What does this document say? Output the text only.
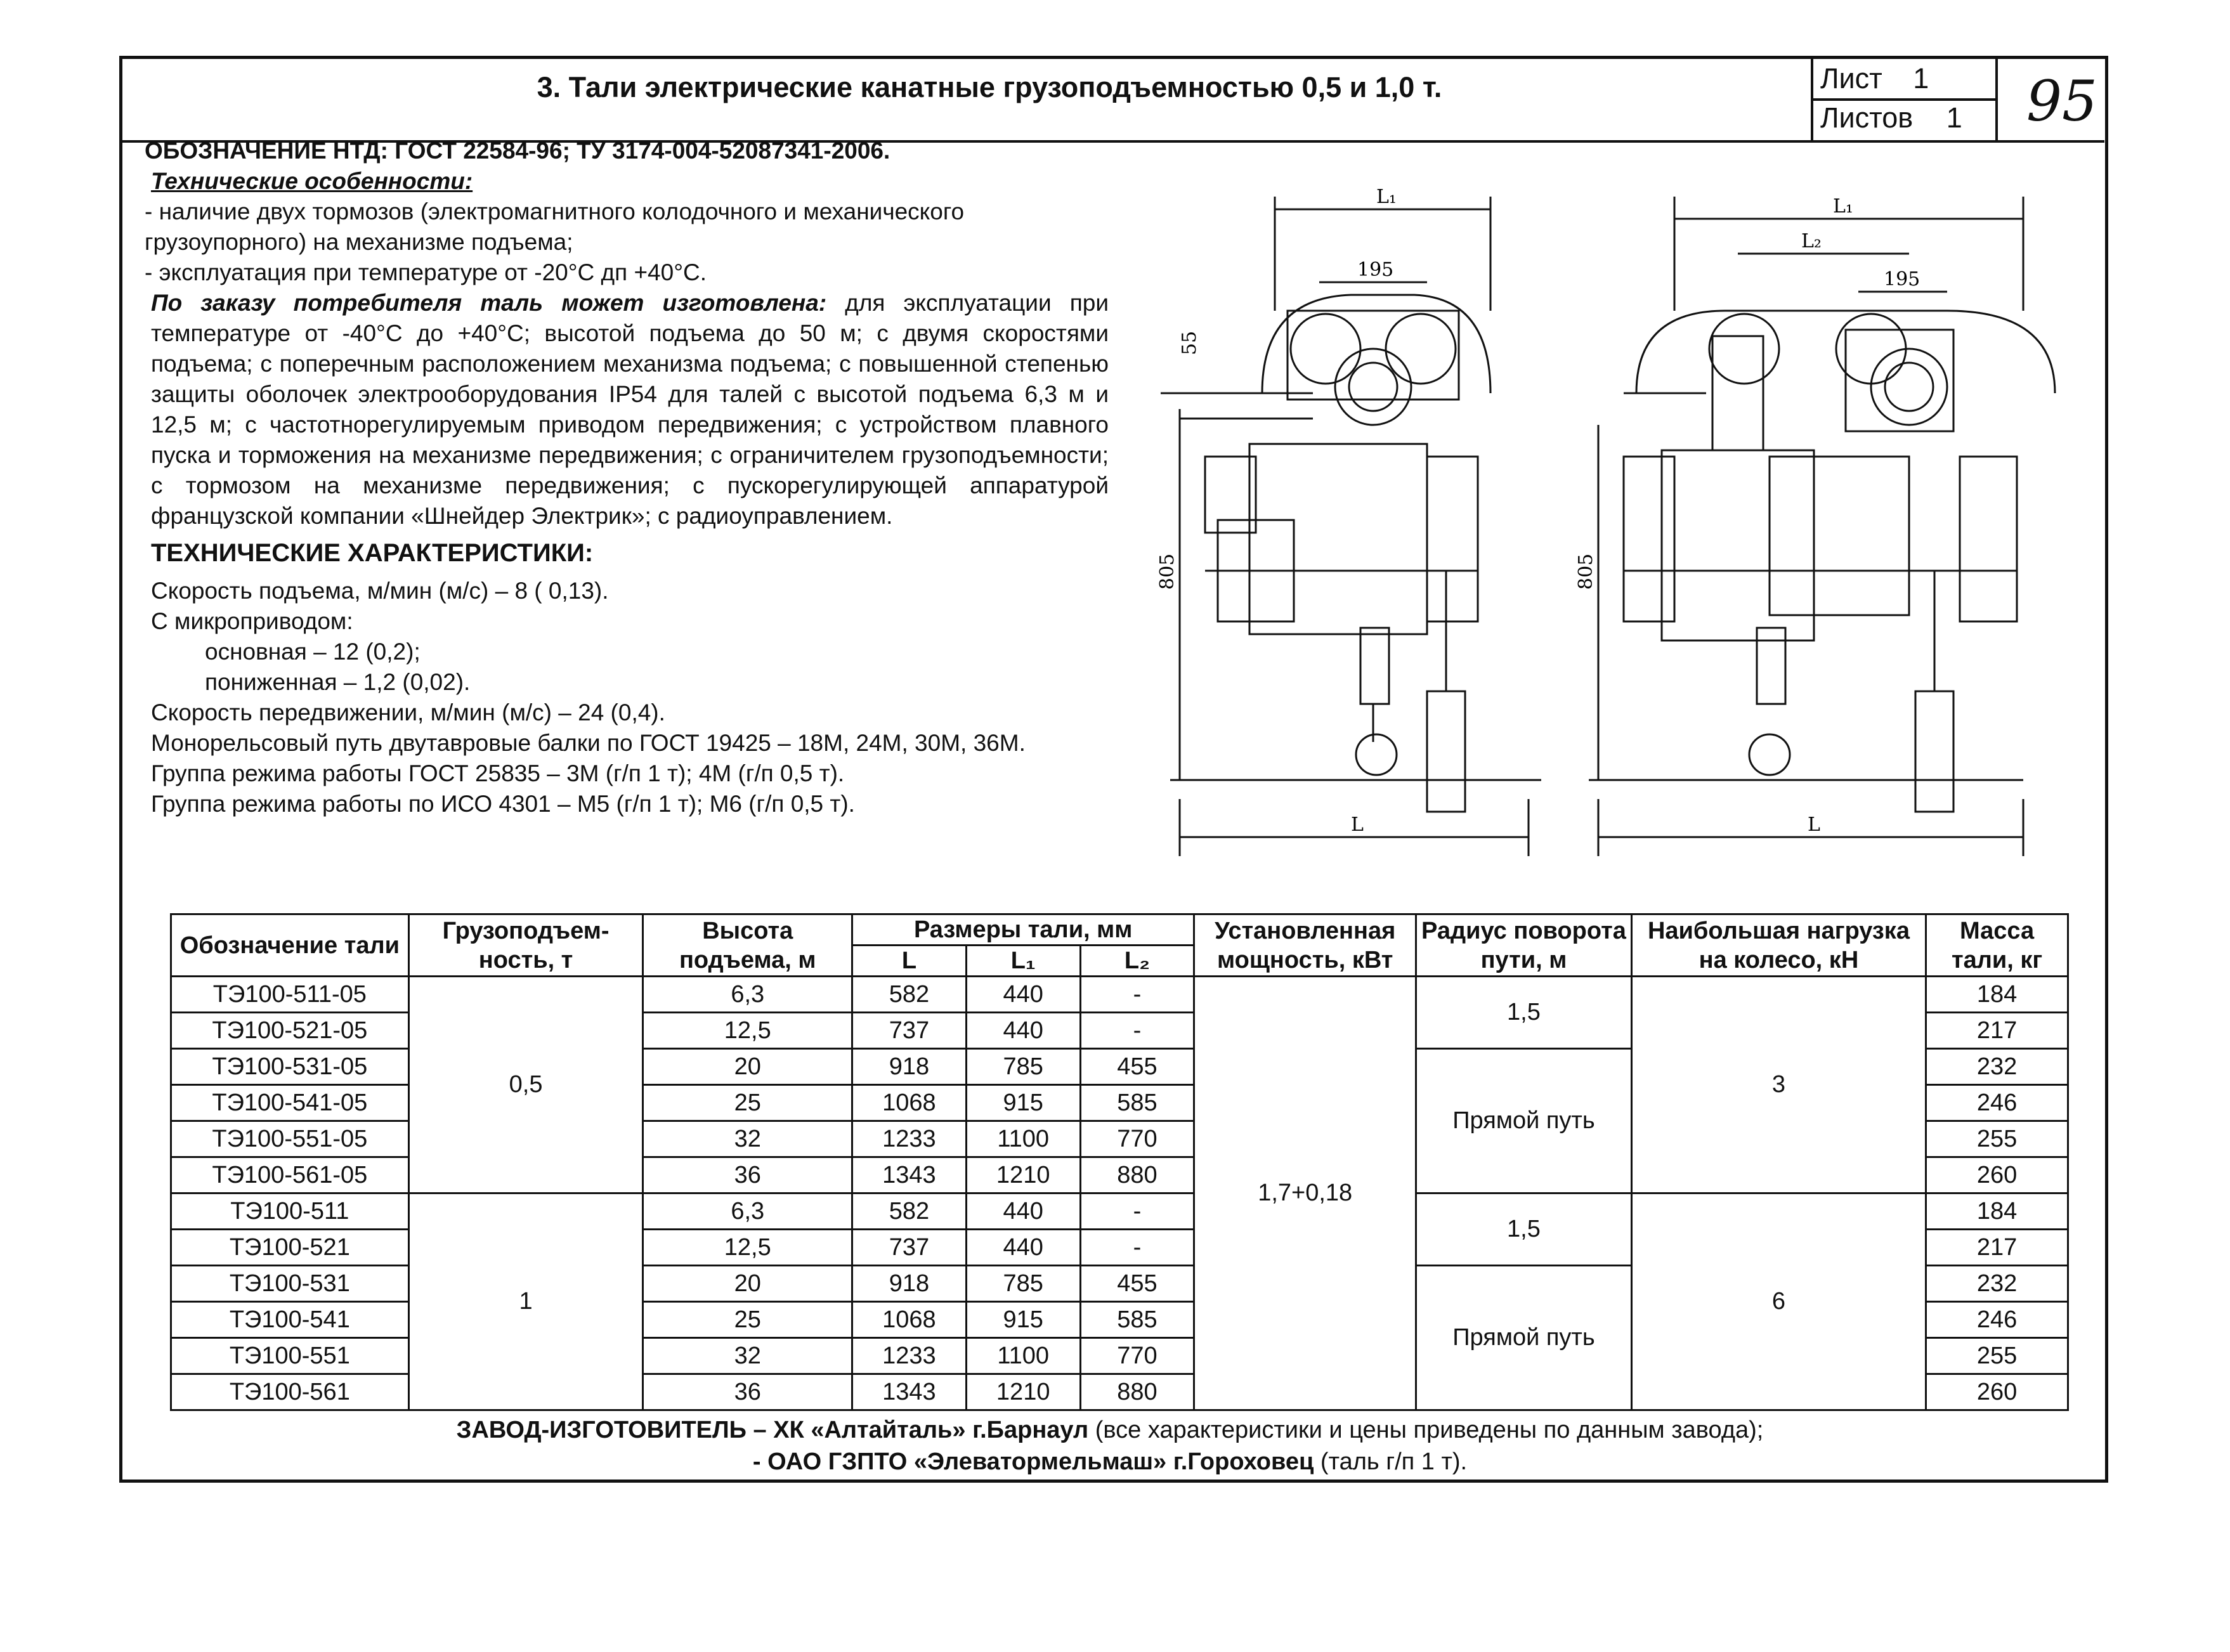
3. Тали электрические канатные грузоподъемностью 0,5 и 1,0 т.	Лист 1
Листов 1 95

ОБОЗНАЧЕНИЕ НТД: ГОСТ 22584-96; ТУ 3174-004-52087341-2006.

Технические особенности:

- наличие двух тормозов (электромагнитного колодочного и механического грузоупорного) на механизме подъема;

- эксплуатация при температуре от -20°С дп +40°С.

По заказу потребителя таль может изготовлена: для эксплуатации при температуре от -40°С до +40°С; высотой подъема до 50 м; с двумя скоростями подъема; с поперечным расположением механизма подъема; с повышенной степенью защиты оболочек электрооборудования IP54 для талей с высотой подъема 6,3 м и 12,5 м; с частотнорегулируемым приводом передвижения; с устройством плавного пуска и торможения на механизме передвижения; с ограничителем грузоподъемности; с тормозом на механизме передвижения; с пускорегулирующей аппаратурой французской компании «Шнейдер Электрик»; с радиоуправлением.

ТЕХНИЧЕСКИЕ ХАРАКТЕРИСТИКИ:

Скорость подъема, м/мин (м/с) – 8 ( 0,13).

С микроприводом:

основная – 12 (0,2);

пониженная – 1,2 (0,02).

Скорость передвижении, м/мин (м/с) – 24 (0,4).

Монорельсовый путь двутавровые балки по ГОСТ 19425 – 18М, 24М, 30М, 36М.

Группа режима работы ГОСТ 25835 – 3М (г/п 1 т); 4М (г/п 0,5 т).

Группа режима работы по ИСО 4301 – М5 (г/п 1 т); М6 (г/п 0,5 т).

L₁
195
55
805
L
L₁
L₂
195
805
L
Обозначение тали	Грузоподъем-ность, т	Высота подъема, м	Размеры тали, мм			Установленная мощность, кВт	Радиус поворота пути, м	Наибольшая нагрузка на колесо, кН	Масса тали, кг
			L	L₁	L₂				
ТЭ100-511-05	0,5	6,3	582	440	-	1,7+0,18	1,5	3	184
ТЭ100-521-05		12,5	737	440	-				217
ТЭ100-531-05		20	918	785	455		Прямой путь		232
ТЭ100-541-05		25	1068	915	585				246
ТЭ100-551-05		32	1233	1100	770				255
ТЭ100-561-05		36	1343	1210	880				260
ТЭ100-511	1	6,3	582	440	-		1,5	6	184
ТЭ100-521		12,5	737	440	-				217
ТЭ100-531		20	918	785	455		Прямой путь		232
ТЭ100-541		25	1068	915	585				246
ТЭ100-551		32	1233	1100	770				255
ТЭ100-561		36	1343	1210	880				260
ЗАВОД-ИЗГОТОВИТЕЛЬ – ХК «Алтайталь» г.Барнаул (все характеристики и цены приведены по данным завода);
- ОАО ГЗПТО «Элеватормельмаш» г.Гороховец (таль г/п 1 т).
